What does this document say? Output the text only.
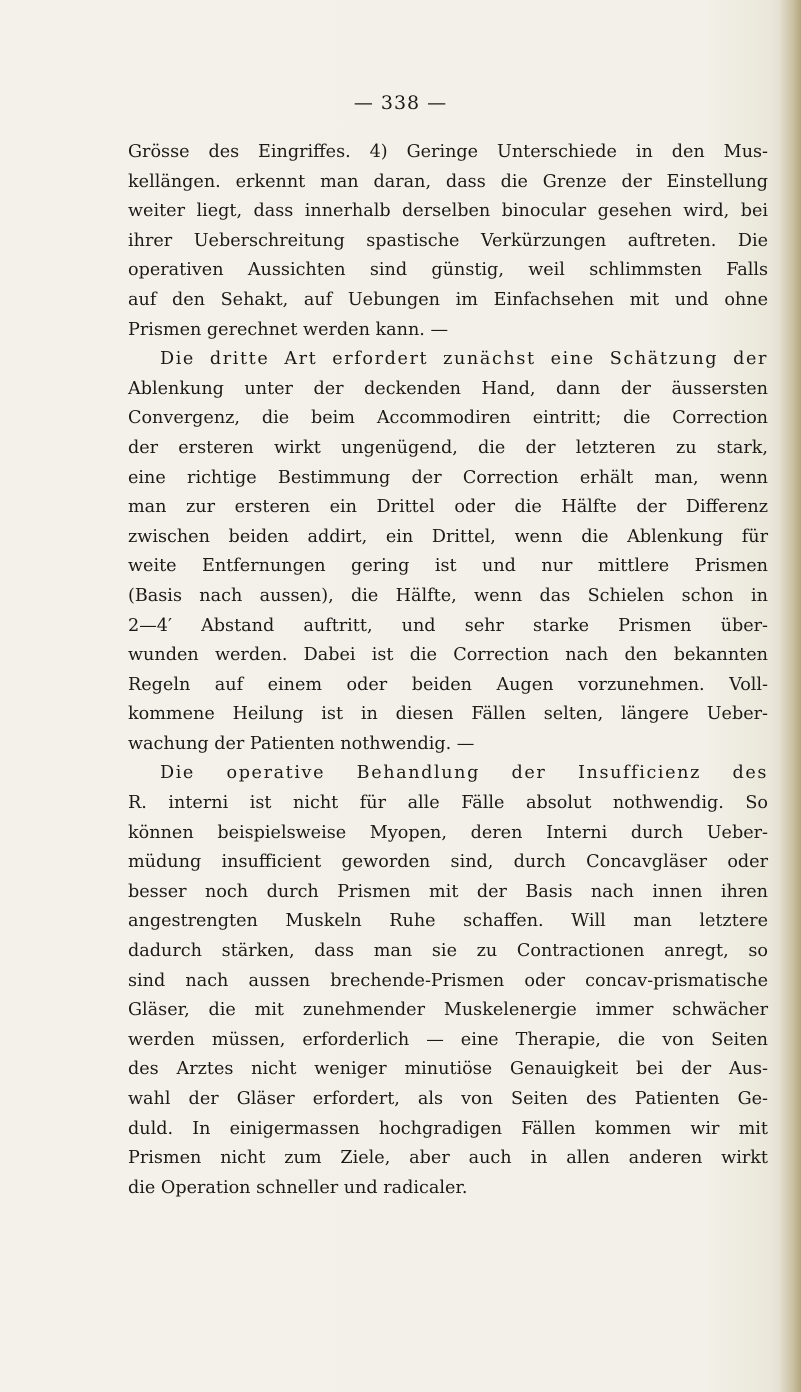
— 338 —
Grösse des Eingriffes. 4) Geringe Unterschiede in den Mus-
kellängen. erkennt man daran, dass die Grenze der Einstellung
weiter liegt, dass innerhalb derselben binocular gesehen wird, bei
ihrer Ueberschreitung spastische Verkürzungen auftreten. Die
operativen Aussichten sind günstig, weil schlimmsten Falls
auf den Sehakt, auf Uebungen im Einfachsehen mit und ohne
Prismen gerechnet werden kann. —
Die dritte Art erfordert zunächst eine Schätzung der
Ablenkung unter der deckenden Hand, dann der äussersten
Convergenz, die beim Accommodiren eintritt; die Correction
der ersteren wirkt ungenügend, die der letzteren zu stark,
eine richtige Bestimmung der Correction erhält man, wenn
man zur ersteren ein Drittel oder die Hälfte der Differenz
zwischen beiden addirt, ein Drittel, wenn die Ablenkung für
weite Entfernungen gering ist und nur mittlere Prismen
(Basis nach aussen), die Hälfte, wenn das Schielen schon in
2—4′ Abstand auftritt, und sehr starke Prismen über-
wunden werden. Dabei ist die Correction nach den bekannten
Regeln auf einem oder beiden Augen vorzunehmen. Voll-
kommene Heilung ist in diesen Fällen selten, längere Ueber-
wachung der Patienten nothwendig. —
Die operative Behandlung der Insufficienz des
R. interni ist nicht für alle Fälle absolut nothwendig. So
können beispielsweise Myopen, deren Interni durch Ueber-
müdung insufficient geworden sind, durch Concavgläser oder
besser noch durch Prismen mit der Basis nach innen ihren
angestrengten Muskeln Ruhe schaffen. Will man letztere
dadurch stärken, dass man sie zu Contractionen anregt, so
sind nach aussen brechende-Prismen oder concav-prismatische
Gläser, die mit zunehmender Muskelenergie immer schwächer
werden müssen, erforderlich — eine Therapie, die von Seiten
des Arztes nicht weniger minutiöse Genauigkeit bei der Aus-
wahl der Gläser erfordert, als von Seiten des Patienten Ge-
duld. In einigermassen hochgradigen Fällen kommen wir mit
Prismen nicht zum Ziele, aber auch in allen anderen wirkt
die Operation schneller und radicaler.
